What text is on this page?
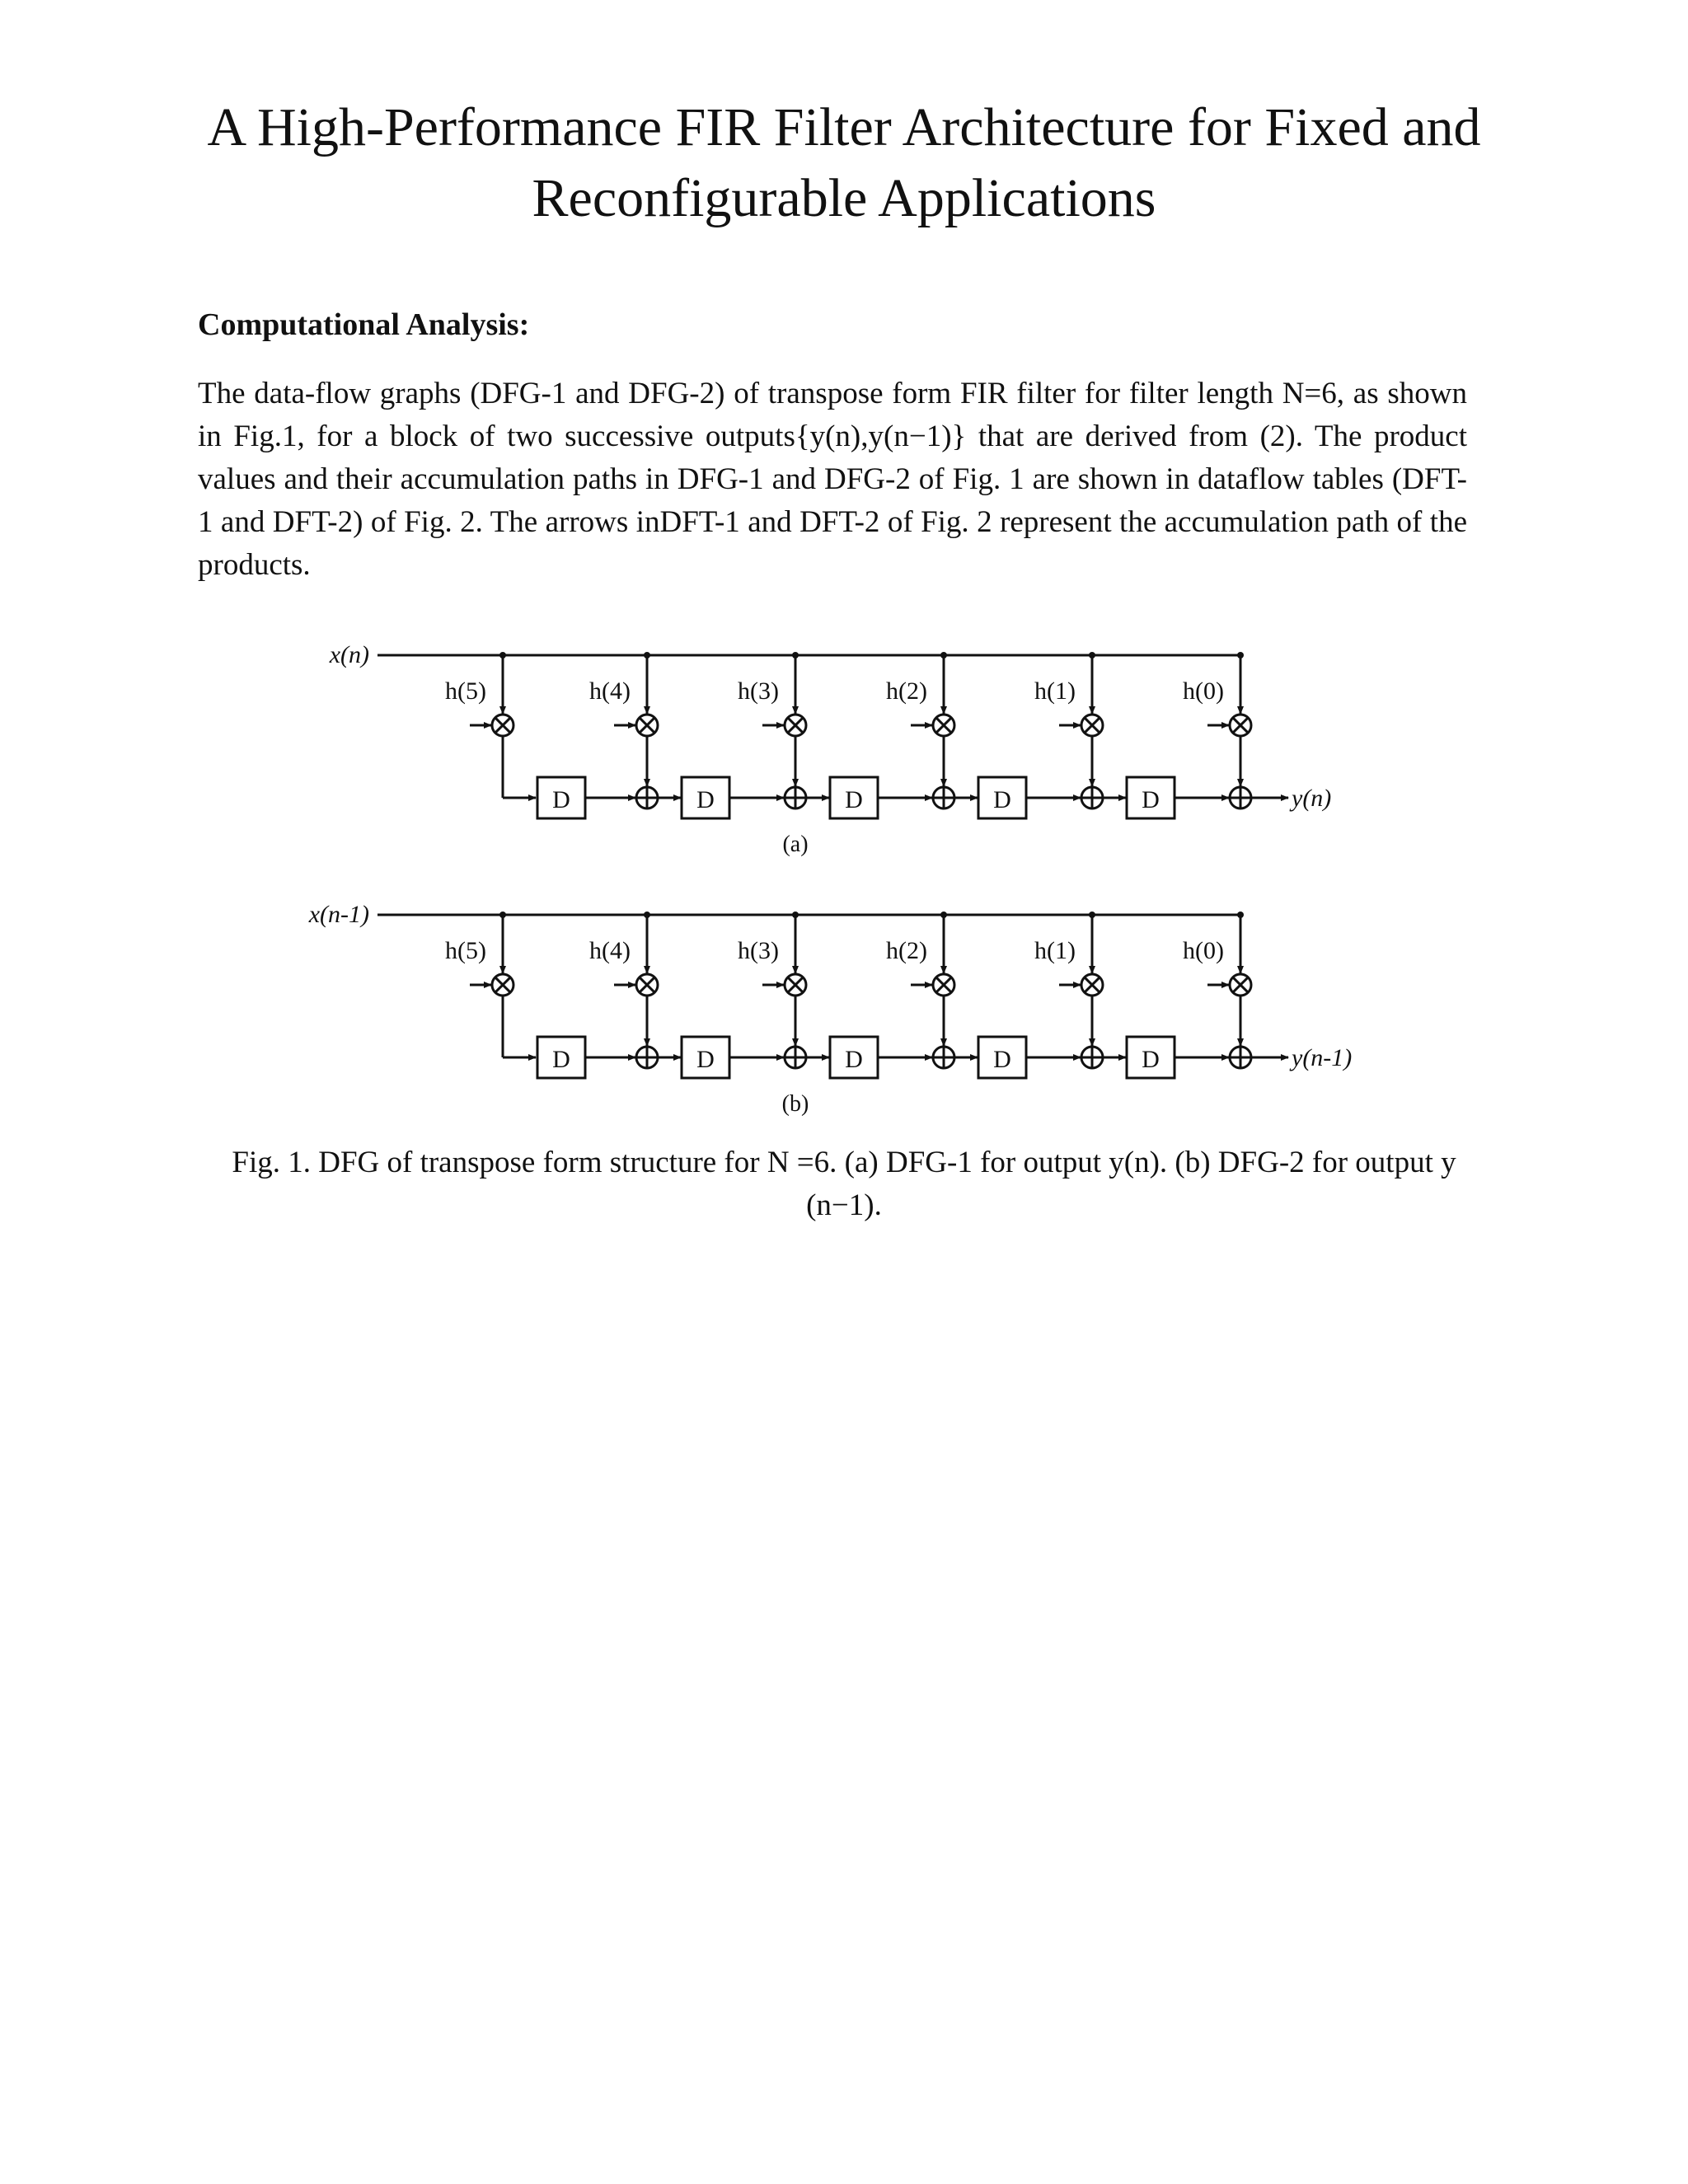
A High-Performance FIR Filter Architecture for Fixed and Reconfigurable Applications
Computational Analysis:

The data-flow graphs (DFG-1 and DFG-2) of transpose form FIR filter for filter length N=6, as shown in Fig.1, for a block of two successive outputs{y(n),y(n−1)} that are derived from (2). The product values and their accumulation paths in DFG-1 and DFG-2 of Fig. 1 are shown in dataflow tables (DFT-1 and DFT-2) of Fig. 2. The arrows inDFT-1 and DFT-2 of Fig. 2 represent the accumulation path of the products.

x(n)
h(5)	h(4)	h(3)	h(2)	h(1)	h(0)
D	D	D	D	D	y(n)
(a)
x(n-1)
h(5)	h(4)	h(3)	h(2)	h(1)	h(0)
D	D	D	D	D	y(n-1)
(b)

Fig. 1. DFG of transpose form structure for N =6. (a) DFG-1 for output y(n). (b) DFG-2 for output y (n−1).
